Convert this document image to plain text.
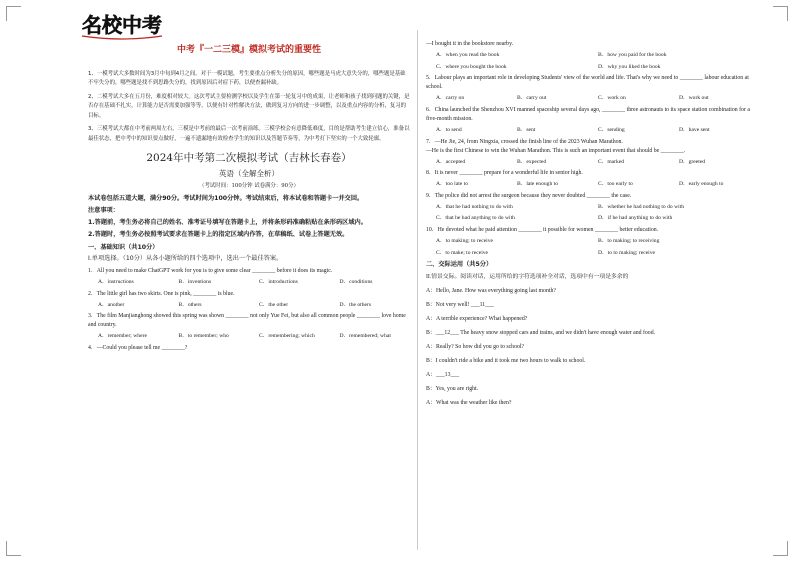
名校中考
中考『一二三模』模拟考试的重要性

1、一模考试大多数时间为3月中旬到4月之间。对于一模试题，考生要重点分析失分的原因，哪些题是马虎大意失分的，哪些题是基础不牢失分的，哪些题是找不到思路失分的，找到原因后对症下药，以便查漏补缺。

2、二模考试大多在五月份，难度相对较大。这次考试主要检测学校以及学生在第一轮复习中的成果，让老师和孩子找到问题的关键，是否存在基础不扎实，计算能力是否需要加强等等，以便有针对性解决方法，做到复习方向的进一步调整，以及重点内容的分析，复习的目标。

3、三模考试大都在中考前两周左右，三模是中考前的最后一次考前演练。三模学校会有意降低难度，目的是帮助考生建立信心，准备以最佳状态，把中考中的知识要点做好，一遍不遗漏地有效检查学生的知识以及答题节奏等，为中考打下坚实的一个大致轮廓。

2024年中考第二次模拟考试（吉林长春卷）
英语（全解全析）
（考试时间：100分钟 试卷满分：90分）
本试卷包括五道大题，满分90分。考试时间为100分钟。考试结束后，将本试卷和答题卡一并交回。
注意事项：
1.答题前，考生务必将自己的姓名、准考证号填写在答题卡上，并将条形码准确粘贴在条形码区域内。
2.答题时，考生务必按照考试要求在答题卡上的指定区域内作答，在草稿纸、试卷上答题无效。
一、基础知识（共10分）
I.单项选择。（10分）从各小题所给的四个选项中，选出一个最佳答案。
1．All you need to make ChatGPT work for you is to give some clear ________ before it does its magic.
A．instructions	B．inventions	C．introductions	D．conditions
2．The little girl has two skirts. One is pink, ________ is blue.
A．another	B．others	C．the other	D．the others
3．The film Manjianghong showed this spring was shown ________ not only Yue Fei, but also all common people ________ love home and country.
A．remember; where	B．to remember; who	C．remembering; which	D．remembered; what
4．—Could you please tell me ________?
—I bought it in the bookstore nearby.
A．when you read the book	B．how you paid for the book
C．where you bought the book	D．why you liked the book
5．Labour plays an important role in developing Students' view of the world and life. That's why we need to ________ labour education at school.
A．carry on	B．carry out	C．work on	D．work out
6．China launched the Shenzhou XVI manned spaceship several days ago, ________ three astronauts to its space station combination for a five-month mission.
A．to send	B．sent	C．sending	D．have sent
7．—He Jie, 24, from Ningxia, crossed the finish line of the 2023 Wuhan Marathon.
—He is the first Chinese to win the Wuhan Marathon. This is such an important event that should be ________.
A．accepted	B．expected	C．marked	D．greeted
8．It is never ________ prepare for a wonderful life in senior high.
A．too late to	B．late enough to	C．too early to	D．early enough to
9．The police did not arrest the surgeon because they never doubted ________ the case.
A．that he had nothing to do with	B．whether he had nothing to do with
C．that he had anything to do with	D．if he had anything to do with
10．He devoted what he paid attention ________ it possible for women ________ better education.
A．to making; to receive	B．to making; to receiving
C．to make; to receive	D．to to making; receive
二、交际运用（共5分）
II.情景交际。阅读对话，运用所给的字符选项补全对话，选项中有一项是多余的
A：Hello, Jane. How was everything going last month?
B：Not very well! ___11___
A：A terrible experience? What happened?
B：___12___ The heavy snow stopped cars and trains, and we didn't have enough water and food.
A：Really? So how did you go to school?
B：I couldn't ride a bike and it took me two hours to walk to school.
A：___13___
B：Yes, you are right.
A：What was the weather like then?
